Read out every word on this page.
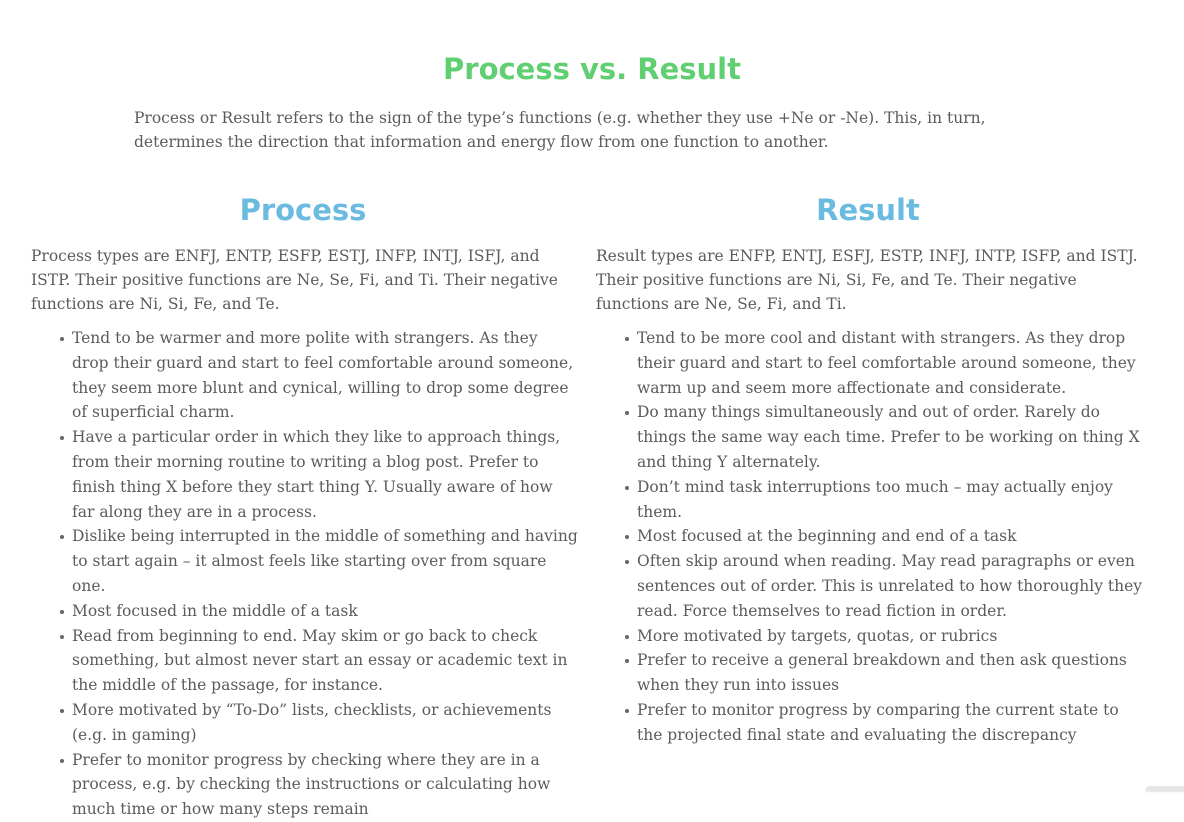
Process vs. Result

Process or Result refers to the sign of the type’s functions (e.g. whether they use +Ne or -Ne). This, in turn, determines the direction that information and energy flow from one function to another.

Process

Process types are ENFJ, ENTP, ESFP, ESTJ, INFP, INTJ, ISFJ, and ISTP. Their positive functions are Ne, Se, Fi, and Ti. Their negative functions are Ni, Si, Fe, and Te.

Tend to be warmer and more polite with strangers. As they drop their guard and start to feel comfortable around someone, they seem more blunt and cynical, willing to drop some degree of superficial charm.
Have a particular order in which they like to approach things, from their morning routine to writing a blog post. Prefer to finish thing X before they start thing Y. Usually aware of how far along they are in a process.
Dislike being interrupted in the middle of something and having to start again – it almost feels like starting over from square one.
Most focused in the middle of a task
Read from beginning to end. May skim or go back to check something, but almost never start an essay or academic text in the middle of the passage, for instance.
More motivated by “To-Do” lists, checklists, or achievements (e.g. in gaming)
Prefer to monitor progress by checking where they are in a process, e.g. by checking the instructions or calculating how much time or how many steps remain
Result

Result types are ENFP, ENTJ, ESFJ, ESTP, INFJ, INTP, ISFP, and ISTJ. Their positive functions are Ni, Si, Fe, and Te. Their negative functions are Ne, Se, Fi, and Ti.

Tend to be more cool and distant with strangers. As they drop their guard and start to feel comfortable around someone, they warm up and seem more affectionate and considerate.
Do many things simultaneously and out of order. Rarely do things the same way each time. Prefer to be working on thing X and thing Y alternately.
Don’t mind task interruptions too much – may actually enjoy them.
Most focused at the beginning and end of a task
Often skip around when reading. May read paragraphs or even sentences out of order. This is unrelated to how thoroughly they read. Force themselves to read fiction in order.
More motivated by targets, quotas, or rubrics
Prefer to receive a general breakdown and then ask questions when they run into issues
Prefer to monitor progress by comparing the current state to the projected final state and evaluating the discrepancy
